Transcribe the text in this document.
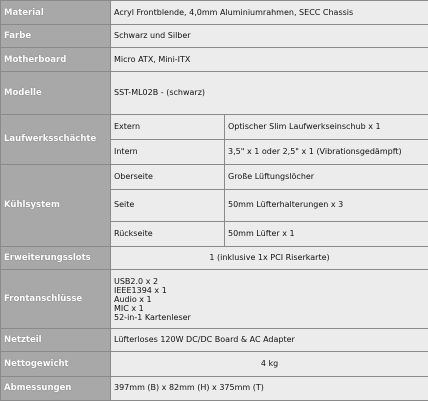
Material	Acryl Frontblende, 4,0mm Aluminiumrahmen, SECC Chassis	
Farbe	Schwarz und Silber	
Motherboard	Micro ATX, Mini-ITX	
Modelle	SST-ML02B - (schwarz)	
Laufwerksschächte	Extern	Optischer Slim Laufwerkseinschub x 1
	Intern	3,5" x 1 oder 2,5" x 1 (Vibrationsgedämpft)
Kühlsystem	Oberseite	Große Lüftungslöcher
	Seite	50mm Lüfterhalterungen x 3
	Rückseite	50mm Lüfter x 1
Erweiterungsslots	1 (inklusive 1x PCI Riserkarte)	
Frontanschlüsse	USB2.0 x 2
IEEE1394 x 1
Audio x 1
MIC x 1
52-in-1 Kartenleser	

Netzteil	Lüfterloses 120W DC/DC Board & AC Adapter	
Nettogewicht	4 kg	
Abmessungen	397mm (B) x 82mm (H) x 375mm (T)	
